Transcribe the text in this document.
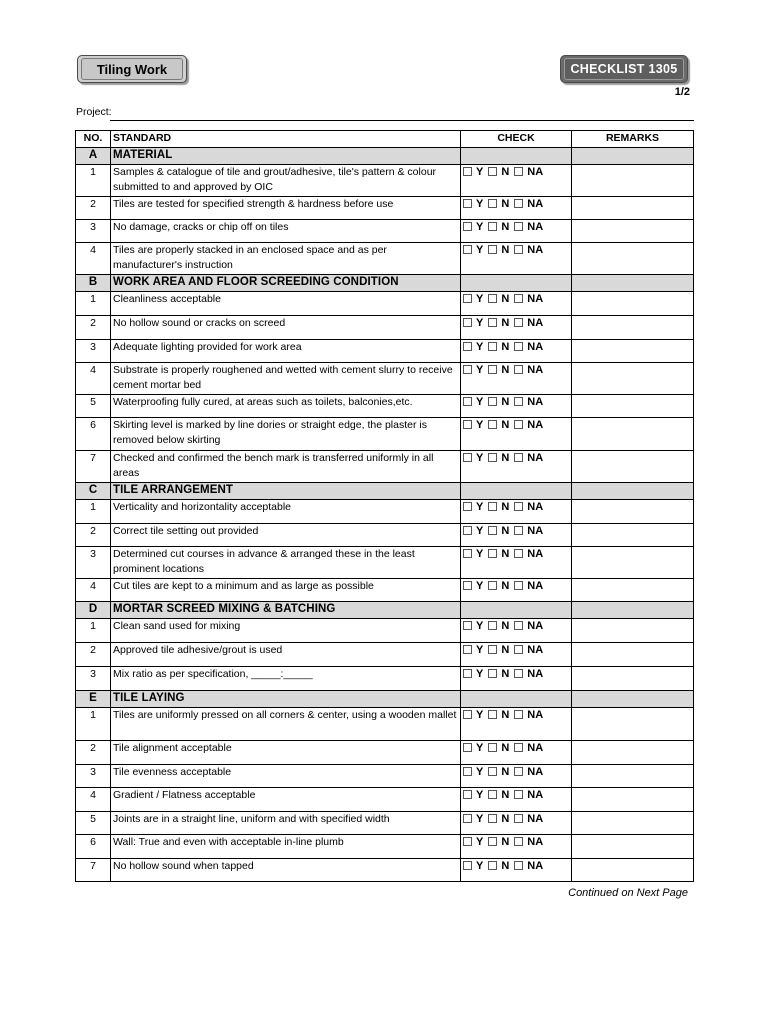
Tiling Work	CHECKLIST 1305
1/2
Project:
NO.	STANDARD	CHECK	REMARKS
A	MATERIAL		
1	Samples & catalogue of tile and grout/adhesive, tile's pattern & colour submitted to and approved by OIC	Y N NA	
2	Tiles are tested for specified strength & hardness before use	Y N NA	
3	No damage, cracks or chip off on tiles	Y N NA	
4	Tiles are properly stacked in an enclosed space and as per manufacturer's instruction	Y N NA	
B	WORK AREA AND FLOOR SCREEDING CONDITION		
1	Cleanliness acceptable	Y N NA	
2	No hollow sound or cracks on screed	Y N NA	
3	Adequate lighting provided for work area	Y N NA	
4	Substrate is properly roughened and wetted with cement slurry to receive cement mortar bed	Y N NA	
5	Waterproofing fully cured, at areas such as toilets, balconies,etc.	Y N NA	
6	Skirting level is marked by line dories or straight edge, the plaster is removed below skirting	Y N NA	
7	Checked and confirmed the bench mark is transferred uniformly in all areas	Y N NA	
C	TILE ARRANGEMENT		
1	Verticality and horizontality acceptable	Y N NA	
2	Correct tile setting out provided	Y N NA	
3	Determined cut courses in advance & arranged these in the least prominent locations	Y N NA	
4	Cut tiles are kept to a minimum and as large as possible	Y N NA	
D	MORTAR SCREED MIXING & BATCHING		
1	Clean sand used for mixing	Y N NA	
2	Approved tile adhesive/grout is used	Y N NA	
3	Mix ratio as per specification, _____:_____	Y N NA	
E	TILE LAYING		
1	Tiles are uniformly pressed on all corners & center, using a wooden mallet	Y N NA	
2	Tile alignment acceptable	Y N NA	
3	Tile evenness acceptable	Y N NA	
4	Gradient / Flatness acceptable	Y N NA	
5	Joints are in a straight line, uniform and with specified width	Y N NA	
6	Wall: True and even with acceptable in-line plumb	Y N NA	
7	No hollow sound when tapped	Y N NA	
Continued on Next Page
